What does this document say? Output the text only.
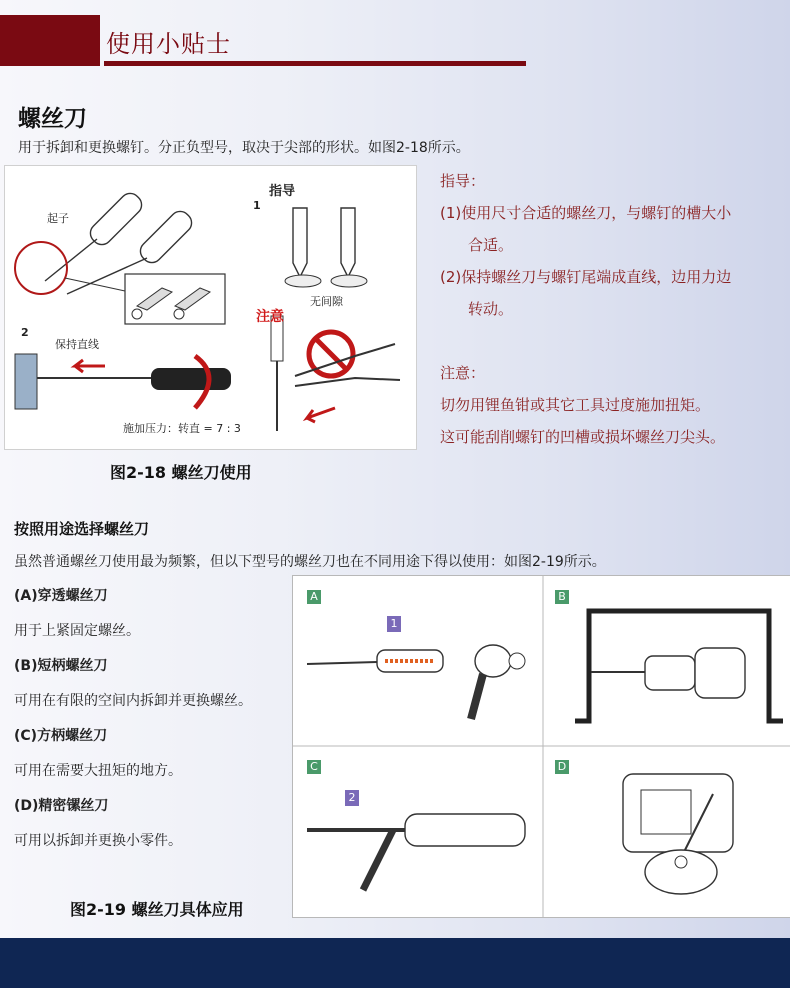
使用小贴士
螺丝刀
用于拆卸和更换螺钉。分正负型号，取决于尖部的形状。如图2-18所示。
指导
1
起子
无间隙
注意
2
保持直线
施加压力：转直 = 7 : 3
图2-18 螺丝刀使用
指导：
(1)使用尺寸合适的螺丝刀，与螺钉的槽大小
合适。
(2)保持螺丝刀与螺钉尾端成直线，边用力边
转动。
注意：
切勿用锂鱼钳或其它工具过度施加扭矩。
这可能刮削螺钉的凹槽或损坏螺丝刀尖头。
按照用途选择螺丝刀
虽然普通螺丝刀使用最为频繁，但以下型号的螺丝刀也在不同用途下得以使用：如图2-19所示。

(A)穿透螺丝刀

用于上紧固定螺丝。

(B)短柄螺丝刀

可用在有限的空间内拆卸并更换螺丝。

(C)方柄螺丝刀

可用在需要大扭矩的地方。

(D)精密镙丝刀

可用以拆卸并更换小零件。

A	B
C	D
1
2
图2-19 螺丝刀具体应用
